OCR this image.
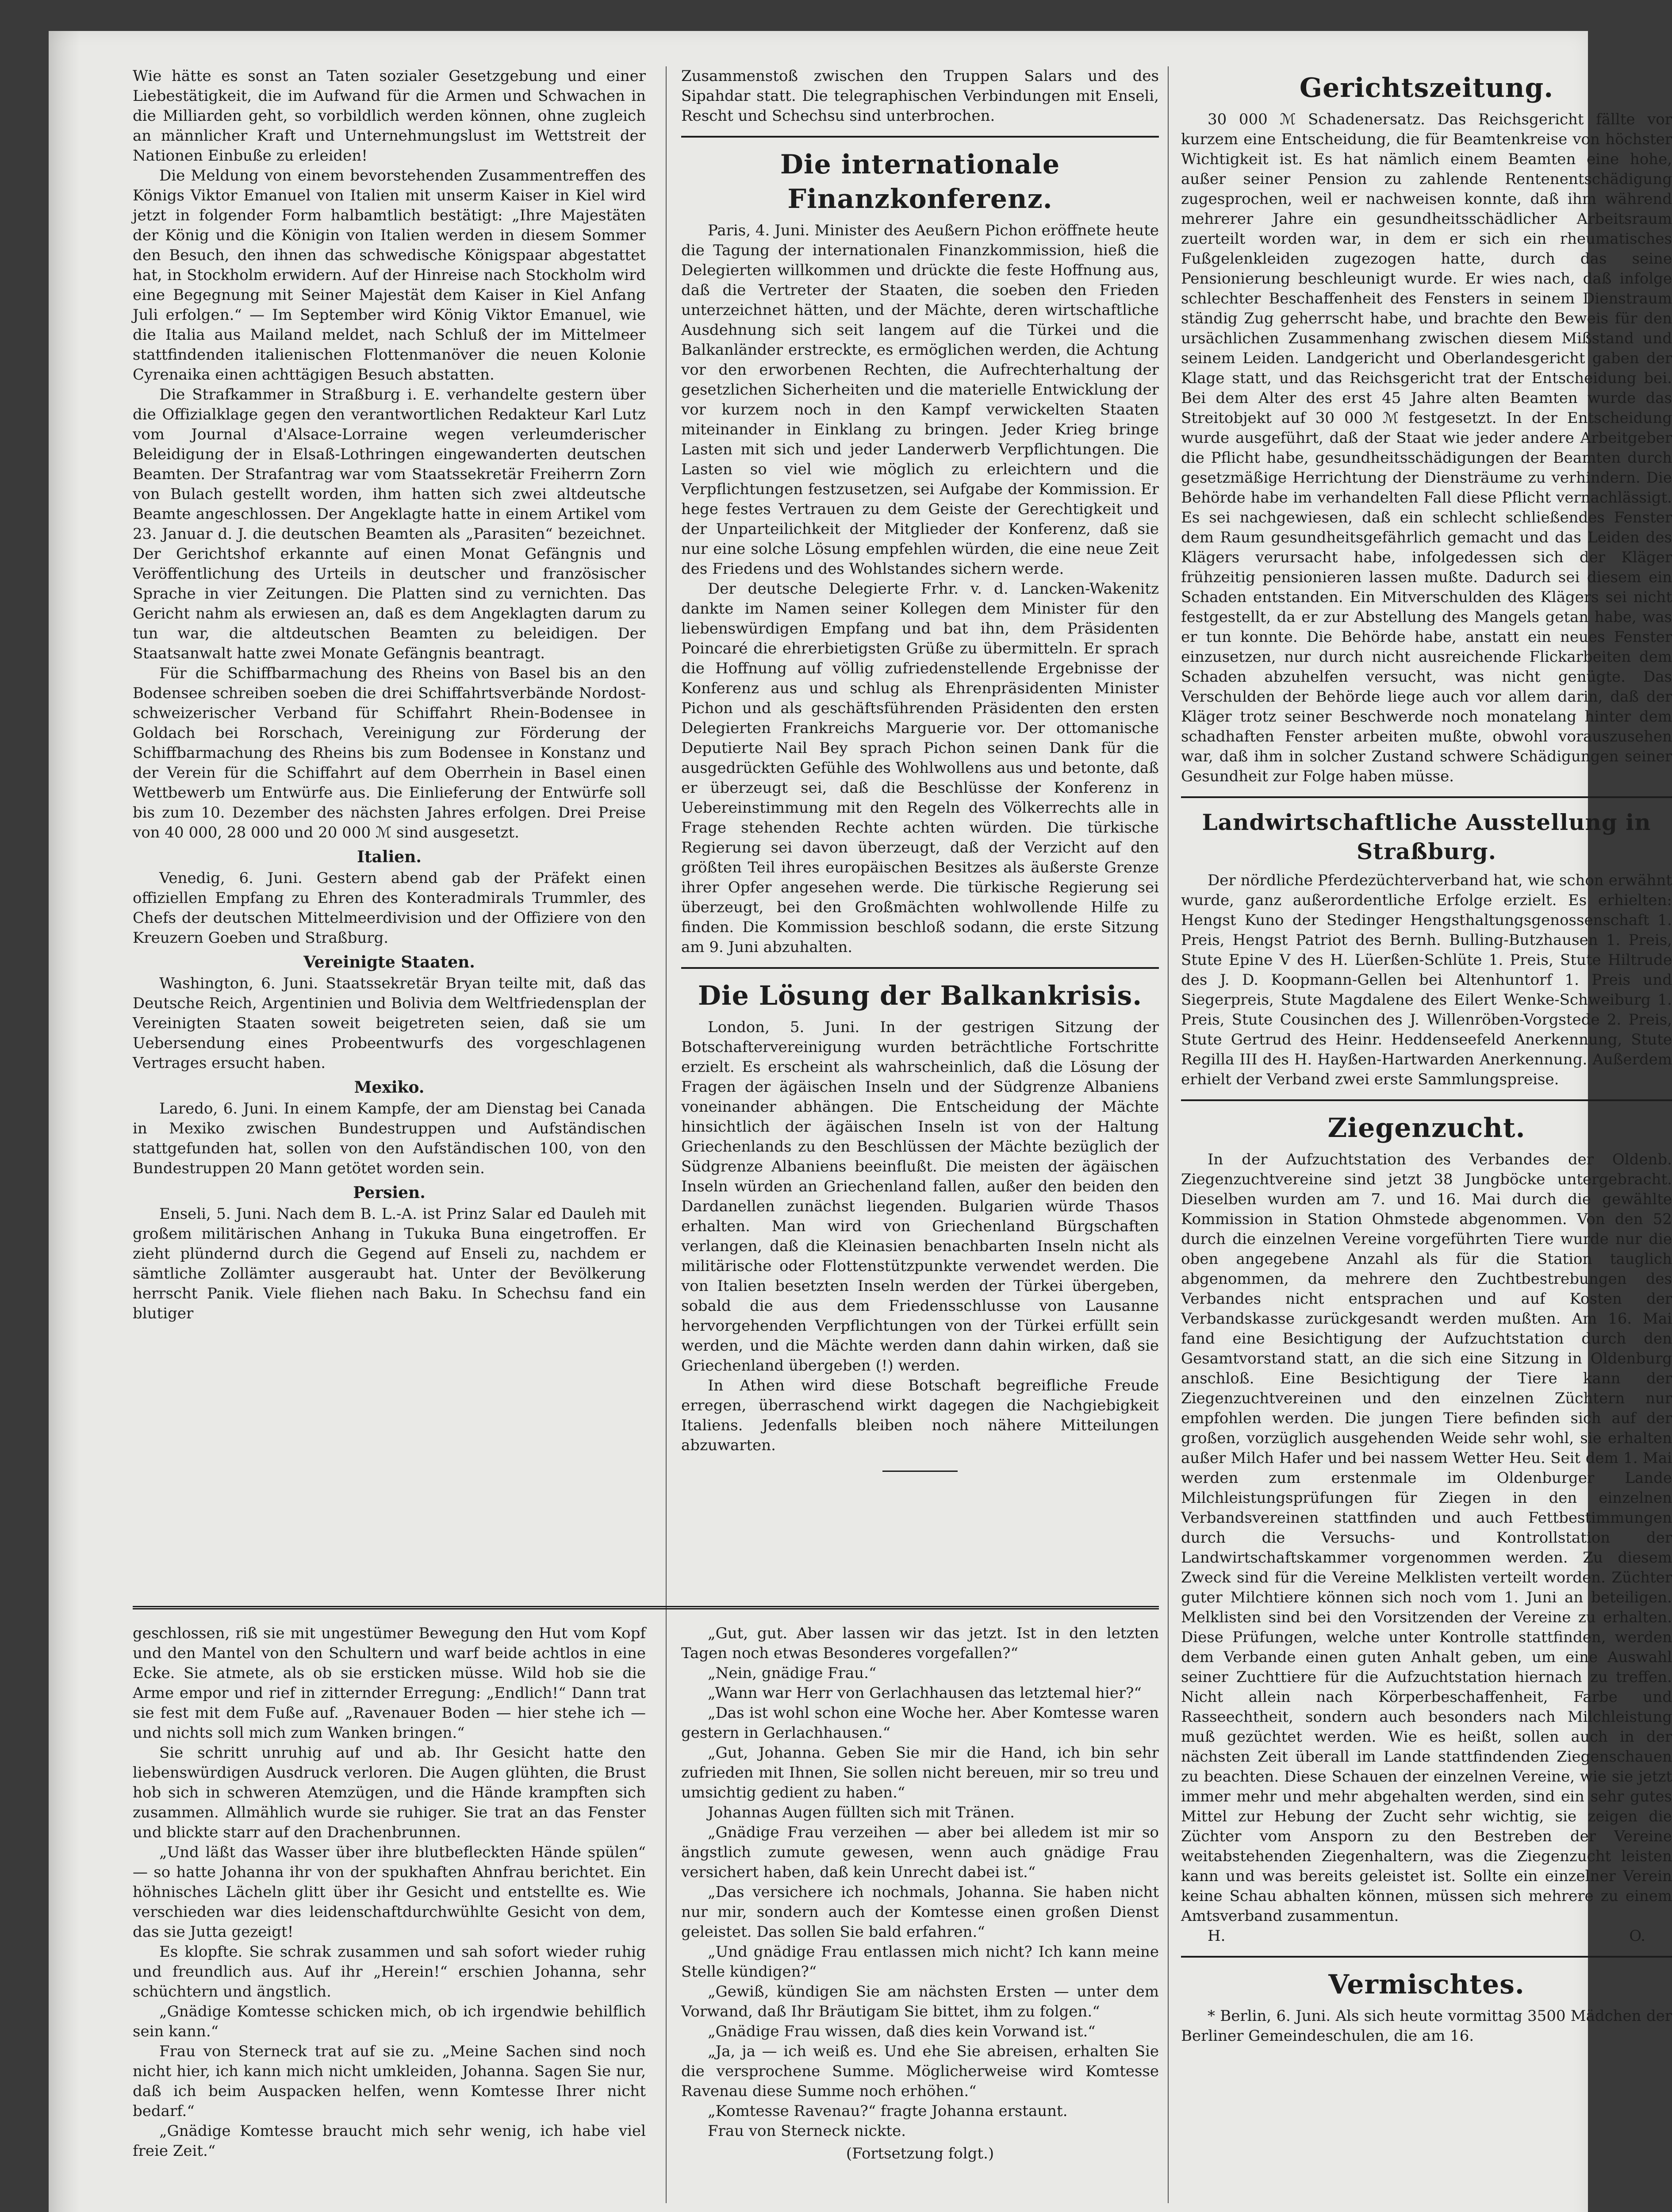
Wie hätte es sonst an Taten sozialer Gesetzgebung und einer Liebestätigkeit, die im Aufwand für die Armen und Schwachen in die Milliarden geht, so vorbildlich werden können, ohne zugleich an männlicher Kraft und Unternehmungslust im Wettstreit der Nationen Einbuße zu erleiden!

Die Meldung von einem bevorstehenden Zusammentreffen des Königs Viktor Emanuel von Italien mit unserm Kaiser in Kiel wird jetzt in folgender Form halbamtlich bestätigt: „Ihre Majestäten der König und die Königin von Italien werden in diesem Sommer den Besuch, den ihnen das schwedische Königspaar abgestattet hat, in Stockholm erwidern. Auf der Hinreise nach Stockholm wird eine Begegnung mit Seiner Majestät dem Kaiser in Kiel Anfang Juli erfolgen.“ — Im September wird König Viktor Emanuel, wie die Italia aus Mailand meldet, nach Schluß der im Mittelmeer stattfindenden italienischen Flottenmanöver die neuen Kolonie Cyrenaika einen achttägigen Besuch abstatten.

Die Strafkammer in Straßburg i. E. verhandelte gestern über die Offizialklage gegen den verantwortlichen Redakteur Karl Lutz vom Journal d'Alsace-Lorraine wegen verleumderischer Beleidigung der in Elsaß-Lothringen eingewanderten deutschen Beamten. Der Strafantrag war vom Staatssekretär Freiherrn Zorn von Bulach gestellt worden, ihm hatten sich zwei altdeutsche Beamte angeschlossen. Der Angeklagte hatte in einem Artikel vom 23. Januar d. J. die deutschen Beamten als „Parasiten“ bezeichnet. Der Gerichtshof erkannte auf einen Monat Gefängnis und Veröffentlichung des Urteils in deutscher und französischer Sprache in vier Zeitungen. Die Platten sind zu vernichten. Das Gericht nahm als erwiesen an, daß es dem Angeklagten darum zu tun war, die altdeutschen Beamten zu beleidigen. Der Staatsanwalt hatte zwei Monate Gefängnis beantragt.

Für die Schiffbarmachung des Rheins von Basel bis an den Bodensee schreiben soeben die drei Schiffahrtsverbände Nordost-schweizerischer Verband für Schiffahrt Rhein-Bodensee in Goldach bei Rorschach, Vereinigung zur Förderung der Schiffbarmachung des Rheins bis zum Bodensee in Konstanz und der Verein für die Schiffahrt auf dem Oberrhein in Basel einen Wettbewerb um Entwürfe aus. Die Einlieferung der Entwürfe soll bis zum 10. Dezember des nächsten Jahres erfolgen. Drei Preise von 40 000, 28 000 und 20 000 ℳ sind ausgesetzt.

Italien.

Venedig, 6. Juni. Gestern abend gab der Präfekt einen offiziellen Empfang zu Ehren des Konteradmirals Trummler, des Chefs der deutschen Mittelmeerdivision und der Offiziere von den Kreuzern Goeben und Straßburg.

Vereinigte Staaten.

Washington, 6. Juni. Staatssekretär Bryan teilte mit, daß das Deutsche Reich, Argentinien und Bolivia dem Weltfriedensplan der Vereinigten Staaten soweit beigetreten seien, daß sie um Uebersendung eines Probeentwurfs des vorgeschlagenen Vertrages ersucht haben.

Mexiko.

Laredo, 6. Juni. In einem Kampfe, der am Dienstag bei Canada in Mexiko zwischen Bundestruppen und Aufständischen stattgefunden hat, sollen von den Aufständischen 100, von den Bundestruppen 20 Mann getötet worden sein.

Persien.

Enseli, 5. Juni. Nach dem B. L.-A. ist Prinz Salar ed Dauleh mit großem militärischen Anhang in Tukuka Buna eingetroffen. Er zieht plündernd durch die Gegend auf Enseli zu, nachdem er sämtliche Zollämter ausgeraubt hat. Unter der Bevölkerung herrscht Panik. Viele fliehen nach Baku. In Schechsu fand ein blutiger

Zusammenstoß zwischen den Truppen Salars und des Sipahdar statt. Die telegraphischen Verbindungen mit Enseli, Rescht und Schechsu sind unterbrochen.

Die internationale Finanzkonferenz.

Paris, 4. Juni. Minister des Aeußern Pichon eröffnete heute die Tagung der internationalen Finanzkommission, hieß die Delegierten willkommen und drückte die feste Hoffnung aus, daß die Vertreter der Staaten, die soeben den Frieden unterzeichnet hätten, und der Mächte, deren wirtschaftliche Ausdehnung sich seit langem auf die Türkei und die Balkanländer erstreckte, es ermöglichen werden, die Achtung vor den erworbenen Rechten, die Aufrechterhaltung der gesetzlichen Sicherheiten und die materielle Entwicklung der vor kurzem noch in den Kampf verwickelten Staaten miteinander in Einklang zu bringen. Jeder Krieg bringe Lasten mit sich und jeder Landerwerb Verpflichtungen. Die Lasten so viel wie möglich zu erleichtern und die Verpflichtungen festzusetzen, sei Aufgabe der Kommission. Er hege festes Vertrauen zu dem Geiste der Gerechtigkeit und der Unparteilichkeit der Mitglieder der Konferenz, daß sie nur eine solche Lösung empfehlen würden, die eine neue Zeit des Friedens und des Wohlstandes sichern werde.

Der deutsche Delegierte Frhr. v. d. Lancken-Wakenitz dankte im Namen seiner Kollegen dem Minister für den liebenswürdigen Empfang und bat ihn, dem Präsidenten Poincaré die ehrerbietigsten Grüße zu übermitteln. Er sprach die Hoffnung auf völlig zufriedenstellende Ergebnisse der Konferenz aus und schlug als Ehrenpräsidenten Minister Pichon und als geschäftsführenden Präsidenten den ersten Delegierten Frankreichs Marguerie vor. Der ottomanische Deputierte Nail Bey sprach Pichon seinen Dank für die ausgedrückten Gefühle des Wohlwollens aus und betonte, daß er überzeugt sei, daß die Beschlüsse der Konferenz in Uebereinstimmung mit den Regeln des Völkerrechts alle in Frage stehenden Rechte achten würden. Die türkische Regierung sei davon überzeugt, daß der Verzicht auf den größten Teil ihres europäischen Besitzes als äußerste Grenze ihrer Opfer angesehen werde. Die türkische Regierung sei überzeugt, bei den Großmächten wohlwollende Hilfe zu finden. Die Kommission beschloß sodann, die erste Sitzung am 9. Juni abzuhalten.

Die Lösung der Balkankrisis.

London, 5. Juni. In der gestrigen Sitzung der Botschaftervereinigung wurden beträchtliche Fortschritte erzielt. Es erscheint als wahrscheinlich, daß die Lösung der Fragen der ägäischen Inseln und der Südgrenze Albaniens voneinander abhängen. Die Entscheidung der Mächte hinsichtlich der ägäischen Inseln ist von der Haltung Griechenlands zu den Beschlüssen der Mächte bezüglich der Südgrenze Albaniens beeinflußt. Die meisten der ägäischen Inseln würden an Griechenland fallen, außer den beiden den Dardanellen zunächst liegenden. Bulgarien würde Thasos erhalten. Man wird von Griechenland Bürgschaften verlangen, daß die Kleinasien benachbarten Inseln nicht als militärische oder Flottenstützpunkte verwendet werden. Die von Italien besetzten Inseln werden der Türkei übergeben, sobald die aus dem Friedensschlusse von Lausanne hervorgehenden Verpflichtungen von der Türkei erfüllt sein werden, und die Mächte werden dann dahin wirken, daß sie Griechenland übergeben (!) werden.

In Athen wird diese Botschaft begreifliche Freude erregen, überraschend wirkt dagegen die Nachgiebigkeit Italiens. Jedenfalls bleiben noch nähere Mitteilungen abzuwarten.

Gerichtszeitung.

30 000 ℳ Schadenersatz. Das Reichsgericht fällte vor kurzem eine Entscheidung, die für Beamtenkreise von höchster Wichtigkeit ist. Es hat nämlich einem Beamten eine hohe, außer seiner Pension zu zahlende Rentenentschädigung zugesprochen, weil er nachweisen konnte, daß ihm während mehrerer Jahre ein gesundheitsschädlicher Arbeitsraum zuerteilt worden war, in dem er sich ein rheumatisches Fußgelenkleiden zugezogen hatte, durch das seine Pensionierung beschleunigt wurde. Er wies nach, daß infolge schlechter Beschaffenheit des Fensters in seinem Dienstraum ständig Zug geherrscht habe, und brachte den Beweis für den ursächlichen Zusammenhang zwischen diesem Mißstand und seinem Leiden. Landgericht und Oberlandesgericht gaben der Klage statt, und das Reichsgericht trat der Entscheidung bei. Bei dem Alter des erst 45 Jahre alten Beamten wurde das Streitobjekt auf 30 000 ℳ festgesetzt. In der Entscheidung wurde ausgeführt, daß der Staat wie jeder andere Arbeitgeber die Pflicht habe, gesundheitsschädigungen der Beamten durch gesetzmäßige Herrichtung der Diensträume zu verhindern. Die Behörde habe im verhandelten Fall diese Pflicht vernachlässigt. Es sei nachgewiesen, daß ein schlecht schließendes Fenster dem Raum gesundheitsgefährlich gemacht und das Leiden des Klägers verursacht habe, infolgedessen sich der Kläger frühzeitig pensionieren lassen mußte. Dadurch sei diesem ein Schaden entstanden. Ein Mitverschulden des Klägers sei nicht festgestellt, da er zur Abstellung des Mangels getan habe, was er tun konnte. Die Behörde habe, anstatt ein neues Fenster einzusetzen, nur durch nicht ausreichende Flickarbeiten dem Schaden abzuhelfen versucht, was nicht genügte. Das Verschulden der Behörde liege auch vor allem darin, daß der Kläger trotz seiner Beschwerde noch monatelang hinter dem schadhaften Fenster arbeiten mußte, obwohl vorauszusehen war, daß ihm in solcher Zustand schwere Schädigungen seiner Gesundheit zur Folge haben müsse.

Landwirtschaftliche Ausstellung in Straßburg.

Der nördliche Pferdezüchterverband hat, wie schon erwähnt wurde, ganz außerordentliche Erfolge erzielt. Es erhielten: Hengst Kuno der Stedinger Hengsthaltungsgenossenschaft 1. Preis, Hengst Patriot des Bernh. Bulling-Butzhausen 1. Preis, Stute Epine V des H. Lüerßen-Schlüte 1. Preis, Stute Hiltrude des J. D. Koopmann-Gellen bei Altenhuntorf 1. Preis und Siegerpreis, Stute Magdalene des Eilert Wenke-Schweiburg 1. Preis, Stute Cousinchen des J. Willenröben-Vorgstede 2. Preis, Stute Gertrud des Heinr. Heddenseefeld Anerkennung, Stute Regilla III des H. Hayßen-Hartwarden Anerkennung. Außerdem erhielt der Verband zwei erste Sammlungspreise.

Ziegenzucht.

In der Aufzuchtstation des Verbandes der Oldenb. Ziegenzuchtvereine sind jetzt 38 Jungböcke untergebracht. Dieselben wurden am 7. und 16. Mai durch die gewählte Kommission in Station Ohmstede abgenommen. Von den 52 durch die einzelnen Vereine vorgeführten Tiere wurde nur die oben angegebene Anzahl als für die Station tauglich abgenommen, da mehrere den Zuchtbestrebungen des Verbandes nicht entsprachen und auf Kosten der Verbandskasse zurückgesandt werden mußten. Am 16. Mai fand eine Besichtigung der Aufzuchtstation durch den Gesamtvorstand statt, an die sich eine Sitzung in Oldenburg anschloß. Eine Besichtigung der Tiere kann der Ziegenzuchtvereinen und den einzelnen Züchtern nur empfohlen werden. Die jungen Tiere befinden sich auf der großen, vorzüglich ausgehenden Weide sehr wohl, sie erhalten außer Milch Hafer und bei nassem Wetter Heu. Seit dem 1. Mai werden zum erstenmale im Oldenburger Lande Milchleistungsprüfungen für Ziegen in den einzelnen Verbandsvereinen stattfinden und auch Fettbestimmungen durch die Versuchs- und Kontrollstation der Landwirtschaftskammer vorgenommen werden. Zu diesem Zweck sind für die Vereine Melklisten verteilt worden. Züchter guter Milchtiere können sich noch vom 1. Juni an beteiligen. Melklisten sind bei den Vorsitzenden der Vereine zu erhalten. Diese Prüfungen, welche unter Kontrolle stattfinden, werden dem Verbande einen guten Anhalt geben, um eine Auswahl seiner Zuchttiere für die Aufzuchtstation hiernach zu treffen. Nicht allein nach Körperbeschaffenheit, Farbe und Rasseechtheit, sondern auch besonders nach Milchleistung muß gezüchtet werden. Wie es heißt, sollen auch in der nächsten Zeit überall im Lande stattfindenden Ziegenschauen zu beachten. Diese Schauen der einzelnen Vereine, wie sie jetzt immer mehr und mehr abgehalten werden, sind ein sehr gutes Mittel zur Hebung der Zucht sehr wichtig, sie zeigen die Züchter vom Ansporn zu den Bestreben der Vereine weitabstehenden Ziegenhaltern, was die Ziegenzucht leisten kann und was bereits geleistet ist. Sollte ein einzelner Verein keine Schau abhalten können, müssen sich mehrere zu einem Amtsverband zusammentun.

H.	O.
Vermischtes.

* Berlin, 6. Juni. Als sich heute vormittag 3500 Mädchen der Berliner Gemeindeschulen, die am 16.

geschlossen, riß sie mit ungestümer Bewegung den Hut vom Kopf und den Mantel von den Schultern und warf beide achtlos in eine Ecke. Sie atmete, als ob sie ersticken müsse. Wild hob sie die Arme empor und rief in zitternder Erregung: „Endlich!“ Dann trat sie fest mit dem Fuße auf. „Ravenauer Boden — hier stehe ich — und nichts soll mich zum Wanken bringen.“

Sie schritt unruhig auf und ab. Ihr Gesicht hatte den liebenswürdigen Ausdruck verloren. Die Augen glühten, die Brust hob sich in schweren Atemzügen, und die Hände krampften sich zusammen. Allmählich wurde sie ruhiger. Sie trat an das Fenster und blickte starr auf den Drachenbrunnen.

„Und läßt das Wasser über ihre blutbefleckten Hände spülen“ — so hatte Johanna ihr von der spukhaften Ahnfrau berichtet. Ein höhnisches Lächeln glitt über ihr Gesicht und entstellte es. Wie verschieden war dies leidenschaftdurchwühlte Gesicht von dem, das sie Jutta gezeigt!

Es klopfte. Sie schrak zusammen und sah sofort wieder ruhig und freundlich aus. Auf ihr „Herein!“ erschien Johanna, sehr schüchtern und ängstlich.

„Gnädige Komtesse schicken mich, ob ich irgendwie behilflich sein kann.“

Frau von Sterneck trat auf sie zu. „Meine Sachen sind noch nicht hier, ich kann mich nicht umkleiden, Johanna. Sagen Sie nur, daß ich beim Auspacken helfen, wenn Komtesse Ihrer nicht bedarf.“

„Gnädige Komtesse braucht mich sehr wenig, ich habe viel freie Zeit.“

„Gut, gut. Aber lassen wir das jetzt. Ist in den letzten Tagen noch etwas Besonderes vorgefallen?“

„Nein, gnädige Frau.“

„Wann war Herr von Gerlachhausen das letztemal hier?“

„Das ist wohl schon eine Woche her. Aber Komtesse waren gestern in Gerlachhausen.“

„Gut, Johanna. Geben Sie mir die Hand, ich bin sehr zufrieden mit Ihnen, Sie sollen nicht bereuen, mir so treu und umsichtig gedient zu haben.“

Johannas Augen füllten sich mit Tränen.

„Gnädige Frau verzeihen — aber bei alledem ist mir so ängstlich zumute gewesen, wenn auch gnädige Frau versichert haben, daß kein Unrecht dabei ist.“

„Das versichere ich nochmals, Johanna. Sie haben nicht nur mir, sondern auch der Komtesse einen großen Dienst geleistet. Das sollen Sie bald erfahren.“

„Und gnädige Frau entlassen mich nicht? Ich kann meine Stelle kündigen?“

„Gewiß, kündigen Sie am nächsten Ersten — unter dem Vorwand, daß Ihr Bräutigam Sie bittet, ihm zu folgen.“

„Gnädige Frau wissen, daß dies kein Vorwand ist.“

„Ja, ja — ich weiß es. Und ehe Sie abreisen, erhalten Sie die versprochene Summe. Möglicherweise wird Komtesse Ravenau diese Summe noch erhöhen.“

„Komtesse Ravenau?“ fragte Johanna erstaunt.

Frau von Sterneck nickte.

(Fortsetzung folgt.)
